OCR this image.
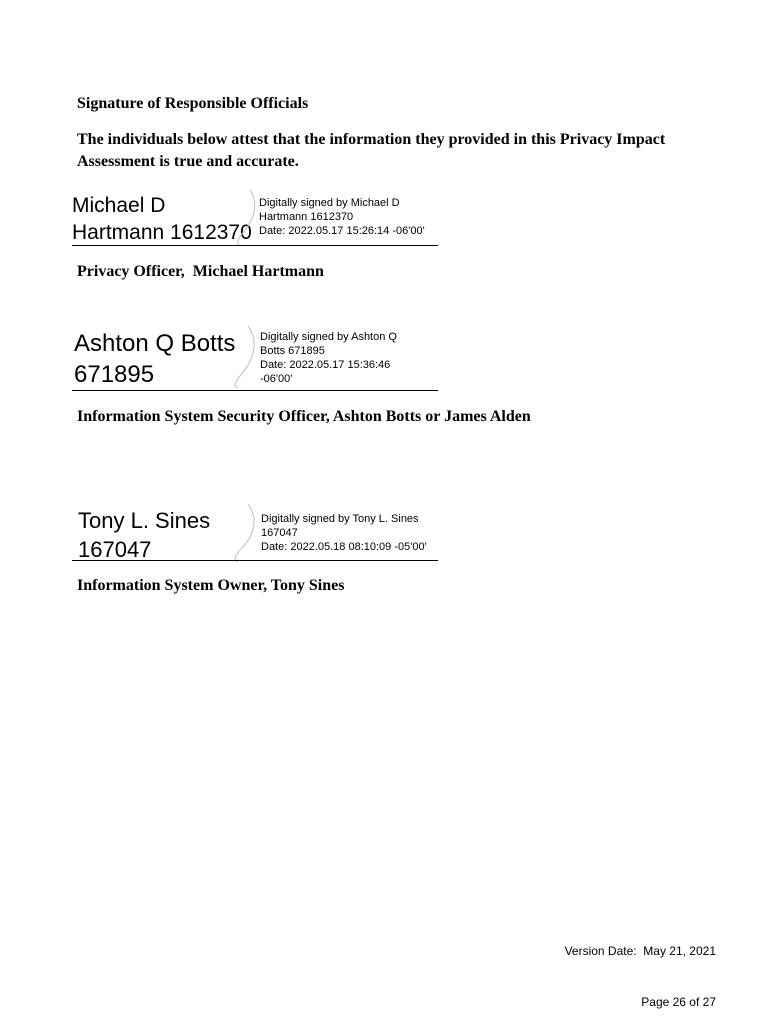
Signature of Responsible Officials

The individuals below attest that the information they provided in this Privacy Impact Assessment is true and accurate.

Michael D
Hartmann 1612370
Digitally signed by Michael D
Hartmann 1612370
Date: 2022.05.17 15:26:14 -06'00'

Privacy Officer,  Michael Hartmann

Ashton Q Botts
671895
Digitally signed by Ashton Q
Botts 671895
Date: 2022.05.17 15:36:46
-06'00'

Information System Security Officer, Ashton Botts or James Alden

Tony L. Sines
167047
Digitally signed by Tony L. Sines
167047
Date: 2022.05.18 08:10:09 -05'00'

Information System Owner, Tony Sines

Version Date:  May 21, 2021

Page 26 of 27
